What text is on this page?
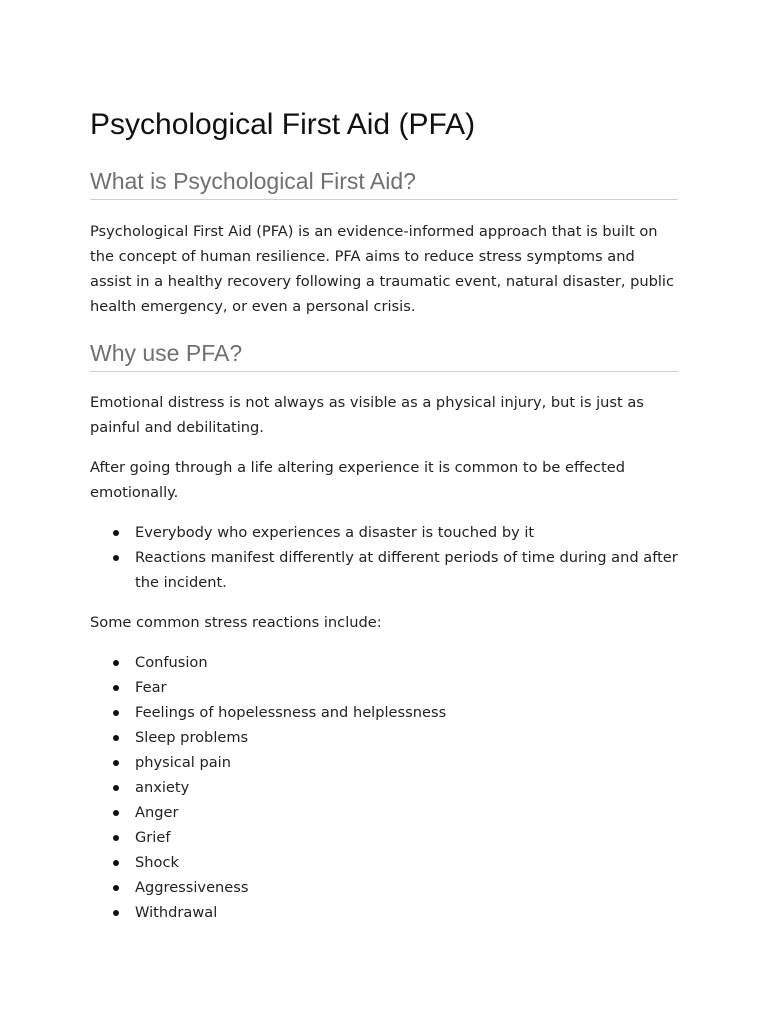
Psychological First Aid (PFA)
What is Psychological First Aid?

Psychological First Aid (PFA) is an evidence-informed approach that is built on the concept of human resilience. PFA aims to reduce stress symptoms and assist in a healthy recovery following a traumatic event, natural disaster, public health emergency, or even a personal crisis.

Why use PFA?

Emotional distress is not always as visible as a physical injury, but is just as painful and debilitating.

After going through a life altering experience it is common to be effected emotionally.

Everybody who experiences a disaster is touched by it
Reactions manifest differently at different periods of time during and after the incident.

Some common stress reactions include:

Confusion
Fear
Feelings of hopelessness and helplessness
Sleep problems
physical pain
anxiety
Anger
Grief
Shock
Aggressiveness
Withdrawal
